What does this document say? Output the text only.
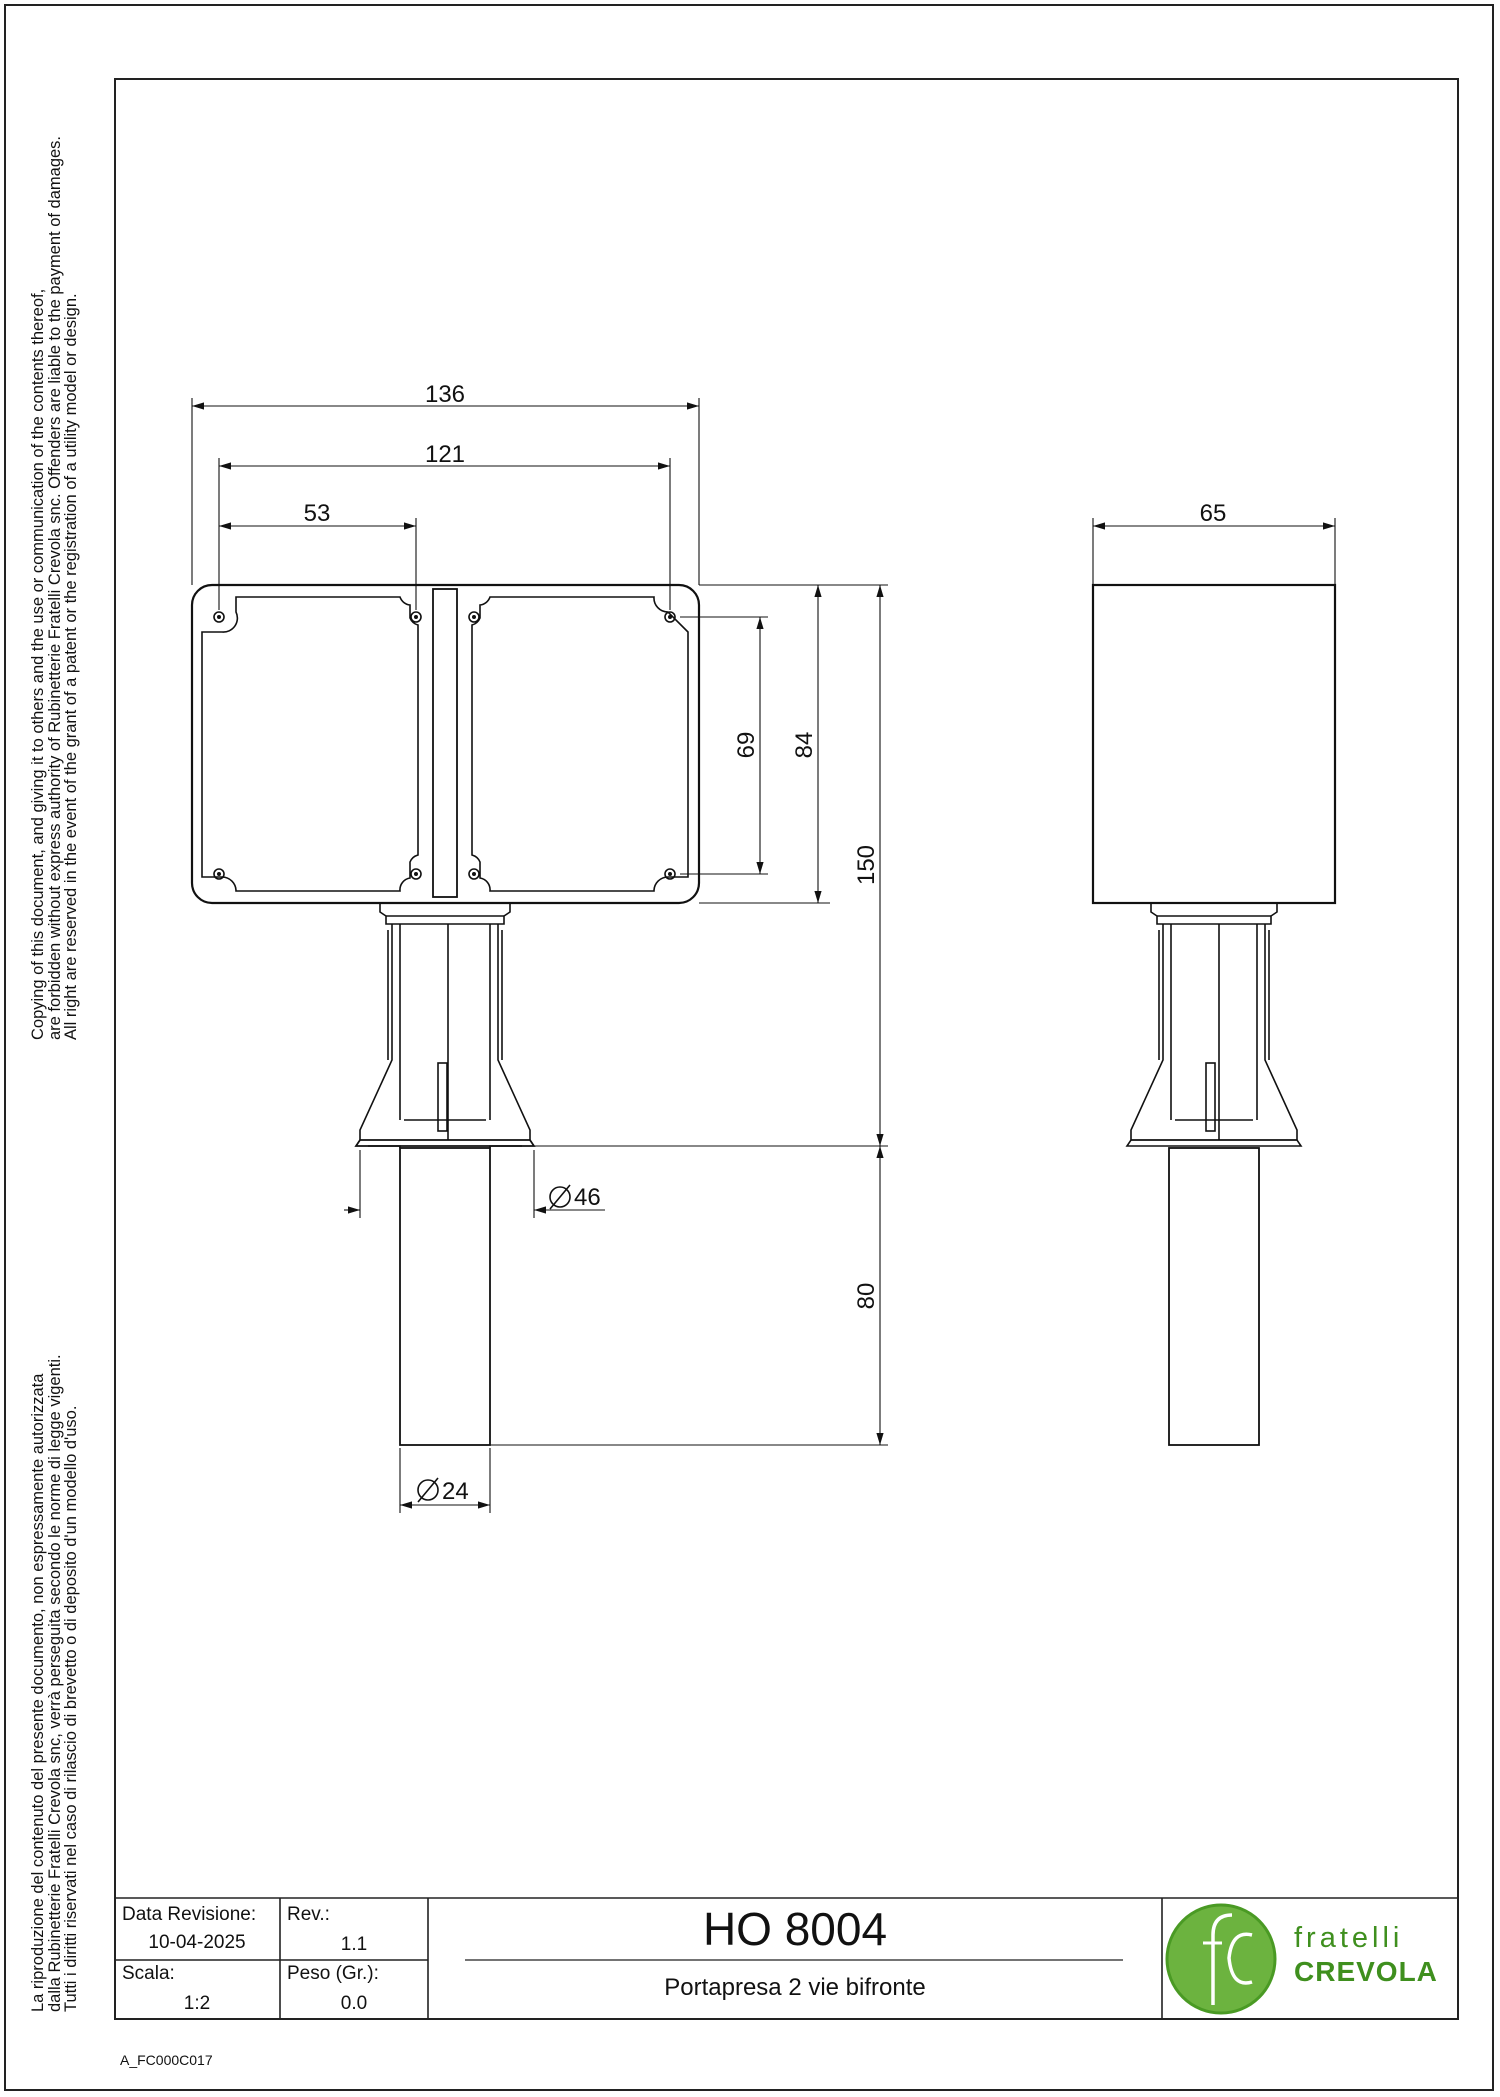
Copying of this document, and giving it to others and the use or communication of the contents thereof,
are forbidden without express authority of Rubinetterie Fratelli Crevola snc. Offenders are liable to the payment of damages.
All right are reserved in the event of the grant of a patent or the registration of a utility model or design.
La riproduzione del contenuto del presente documento, non espressamente autorizzata
dalla Rubinetterie Fratelli Crevola snc, verrà perseguita secondo le norme di legge vigenti.
Tutti i diritti riservati nel caso di rilascio di brevetto o di deposito d'un modello d'uso.
136
121
53
69 84
150
80
46
24
65
Data Revisione:
10-04-2025
Rev.:
1.1
Scala:
1:2
Peso (Gr.):
0.0
HO 8004
Portapresa 2 vie bifronte
fratelli
CREVOLA
A_FC000C017
